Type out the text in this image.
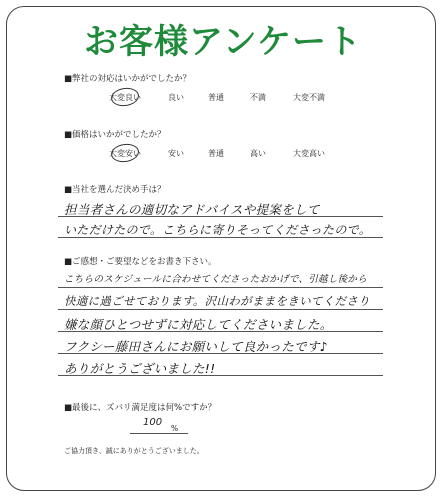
お客様アンケート
■弊社の対応はいかがでしたか？
大変良い	良い	普通	不満	大変不満
■価格はいかがでしたか？
大変安い	安い	普通	高い	大変高い
■当社を選んだ決め手は？
担当者さんの適切なアドバイスや提案をして
いただけたので。こちらに寄りそってくださったので。
■ご感想・ご要望などをお書き下さい。
こちらのスケジュールに合わせてくださったおかげで、引越し後から
快適に過ごせております。沢山わがままをきいてくださり
嫌な顔ひとつせずに対応してくださいました。
フクシー藤田さんにお願いして良かったです♪
ありがとうございました!!
■最後に、ズバリ満足度は何%ですか？
100
%
ご協力頂き、誠にありがとうございました。
